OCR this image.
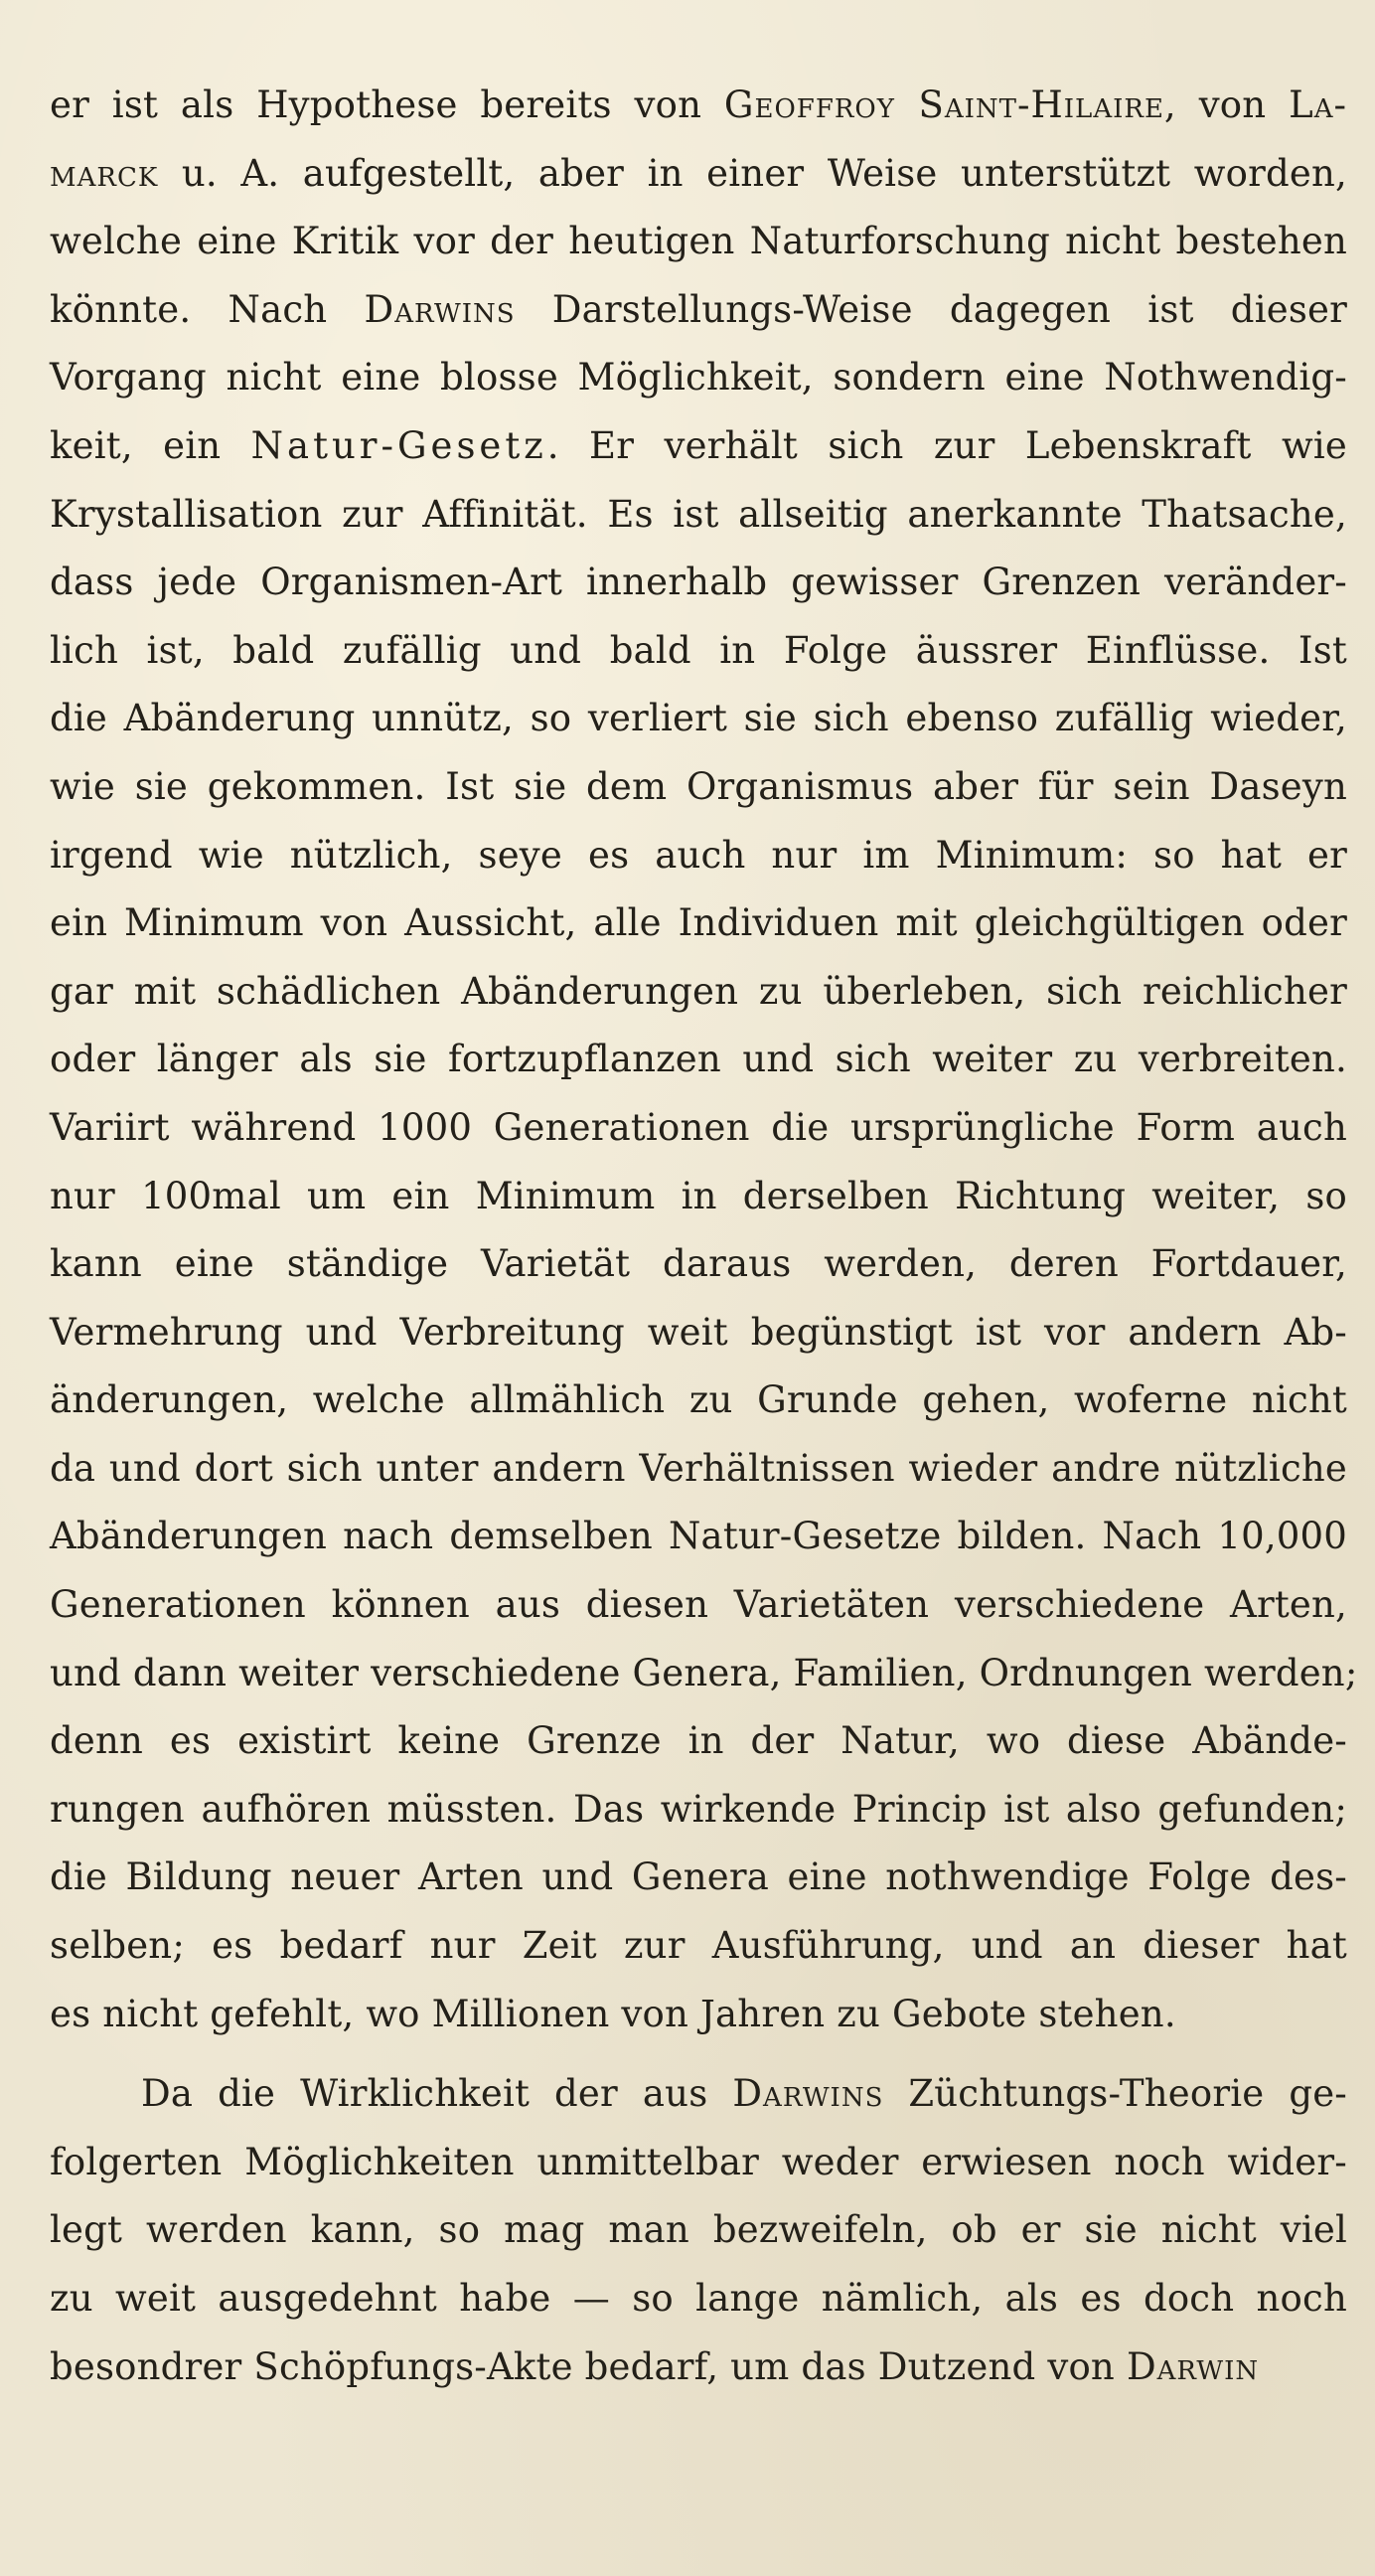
er ist als Hypothese bereits von Geoffroy Saint-Hilaire, von La-
marck u. A. aufgestellt, aber in einer Weise unterstützt worden,
welche eine Kritik vor der heutigen Naturforschung nicht bestehen
könnte. Nach Darwins Darstellungs-Weise dagegen ist dieser
Vorgang nicht eine blosse Möglichkeit, sondern eine Nothwendig-
keit, ein Natur-Gesetz. Er verhält sich zur Lebenskraft wie
Krystallisation zur Affinität. Es ist allseitig anerkannte Thatsache,
dass jede Organismen-Art innerhalb gewisser Grenzen veränder-
lich ist, bald zufällig und bald in Folge äussrer Einflüsse. Ist
die Abänderung unnütz, so verliert sie sich ebenso zufällig wieder,
wie sie gekommen. Ist sie dem Organismus aber für sein Daseyn
irgend wie nützlich, seye es auch nur im Minimum: so hat er
ein Minimum von Aussicht, alle Individuen mit gleichgültigen oder
gar mit schädlichen Abänderungen zu überleben, sich reichlicher
oder länger als sie fortzupflanzen und sich weiter zu verbreiten.
Variirt während 1000 Generationen die ursprüngliche Form auch
nur 100mal um ein Minimum in derselben Richtung weiter, so
kann eine ständige Varietät daraus werden, deren Fortdauer,
Vermehrung und Verbreitung weit begünstigt ist vor andern Ab-
änderungen, welche allmählich zu Grunde gehen, woferne nicht
da und dort sich unter andern Verhältnissen wieder andre nützliche
Abänderungen nach demselben Natur-Gesetze bilden. Nach 10,000
Generationen können aus diesen Varietäten verschiedene Arten,
und dann weiter verschiedene Genera, Familien, Ordnungen werden;
denn es existirt keine Grenze in der Natur, wo diese Abände-
rungen aufhören müssten. Das wirkende Princip ist also gefunden;
die Bildung neuer Arten und Genera eine nothwendige Folge des-
selben; es bedarf nur Zeit zur Ausführung, und an dieser hat
es nicht gefehlt, wo Millionen von Jahren zu Gebote stehen.
Da die Wirklichkeit der aus Darwins Züchtungs-Theorie ge-
folgerten Möglichkeiten unmittelbar weder erwiesen noch wider-
legt werden kann, so mag man bezweifeln, ob er sie nicht viel
zu weit ausgedehnt habe — so lange nämlich, als es doch noch
besondrer Schöpfungs-Akte bedarf, um das Dutzend von Darwin
